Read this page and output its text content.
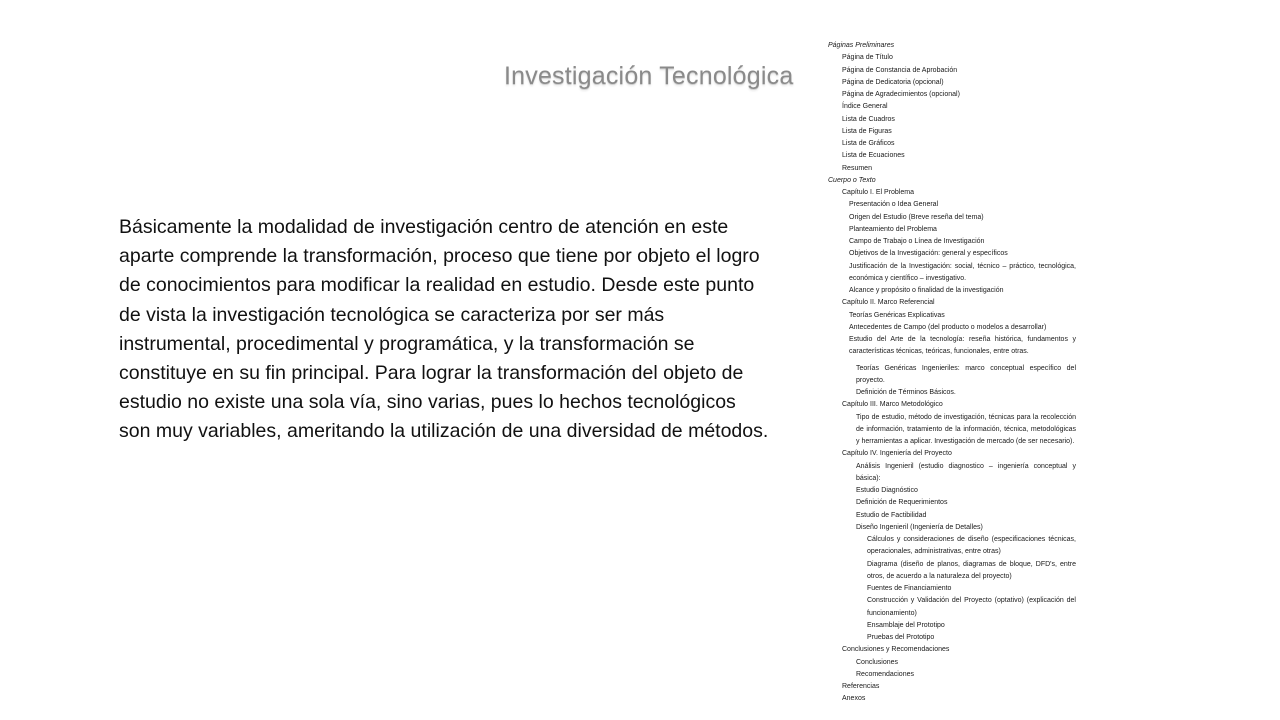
Investigación Tecnológica

Básicamente la modalidad de investigación centro de atención en este aparte comprende la transformación, proceso que tiene por objeto el logro de conocimientos para modificar la realidad en estudio. Desde este punto de vista la investigación tecnológica se caracteriza por ser más instrumental, procedimental y programática, y la transformación se constituye en su fin principal. Para lograr la transformación del objeto de estudio no existe una sola vía, sino varias, pues lo hechos tecnológicos son muy variables, ameritando la utilización de una diversidad de métodos.

Páginas Preliminares
Página de Título
Página de Constancia de Aprobación
Página de Dedicatoria (opcional)
Página de Agradecimientos (opcional)
Índice General
Lista de Cuadros
Lista de Figuras
Lista de Gráficos
Lista de Ecuaciones
Resumen
Cuerpo o Texto
Capítulo I. El Problema
Presentación o Idea General
Origen del Estudio (Breve reseña del tema)
Planteamiento del Problema
Campo de Trabajo o Línea de Investigación
Objetivos de la Investigación: general y específicos
Justificación de la Investigación: social, técnico – práctico, tecnológica, económica y científico – investigativo.
Alcance y propósito o finalidad de la investigación
Capítulo II. Marco Referencial
Teorías Genéricas Explicativas
Antecedentes de Campo (del producto o modelos a desarrollar)
Estudio del Arte de la tecnología: reseña histórica, fundamentos y características técnicas, teóricas, funcionales, entre otras.
Teorías Genéricas Ingenieriles: marco conceptual específico del proyecto.
Definición de Términos Básicos.
Capítulo III. Marco Metodológico
Tipo de estudio, método de investigación, técnicas para la recolección de información, tratamiento de la información, técnica, metodológicas y herramientas a aplicar. Investigación de mercado (de ser necesario).
Capítulo IV. Ingeniería del Proyecto
Análisis Ingenieril (estudio diagnostico – ingeniería conceptual y básica):
Estudio Diagnóstico
Definición de Requerimientos
Estudio de Factibilidad
Diseño Ingenieril (Ingeniería de Detalles)
Cálculos y consideraciones de diseño (especificaciones técnicas, operacionales, administrativas, entre otras)
Diagrama (diseño de planos, diagramas de bloque, DFD's, entre otros, de acuerdo a la naturaleza del proyecto)
Fuentes de Financiamiento
Construcción y Validación del Proyecto (optativo) (explicación del funcionamiento)
Ensamblaje del Prototipo
Pruebas del Prototipo
Conclusiones y Recomendaciones
Conclusiones
Recomendaciones
Referencias
Anexos
